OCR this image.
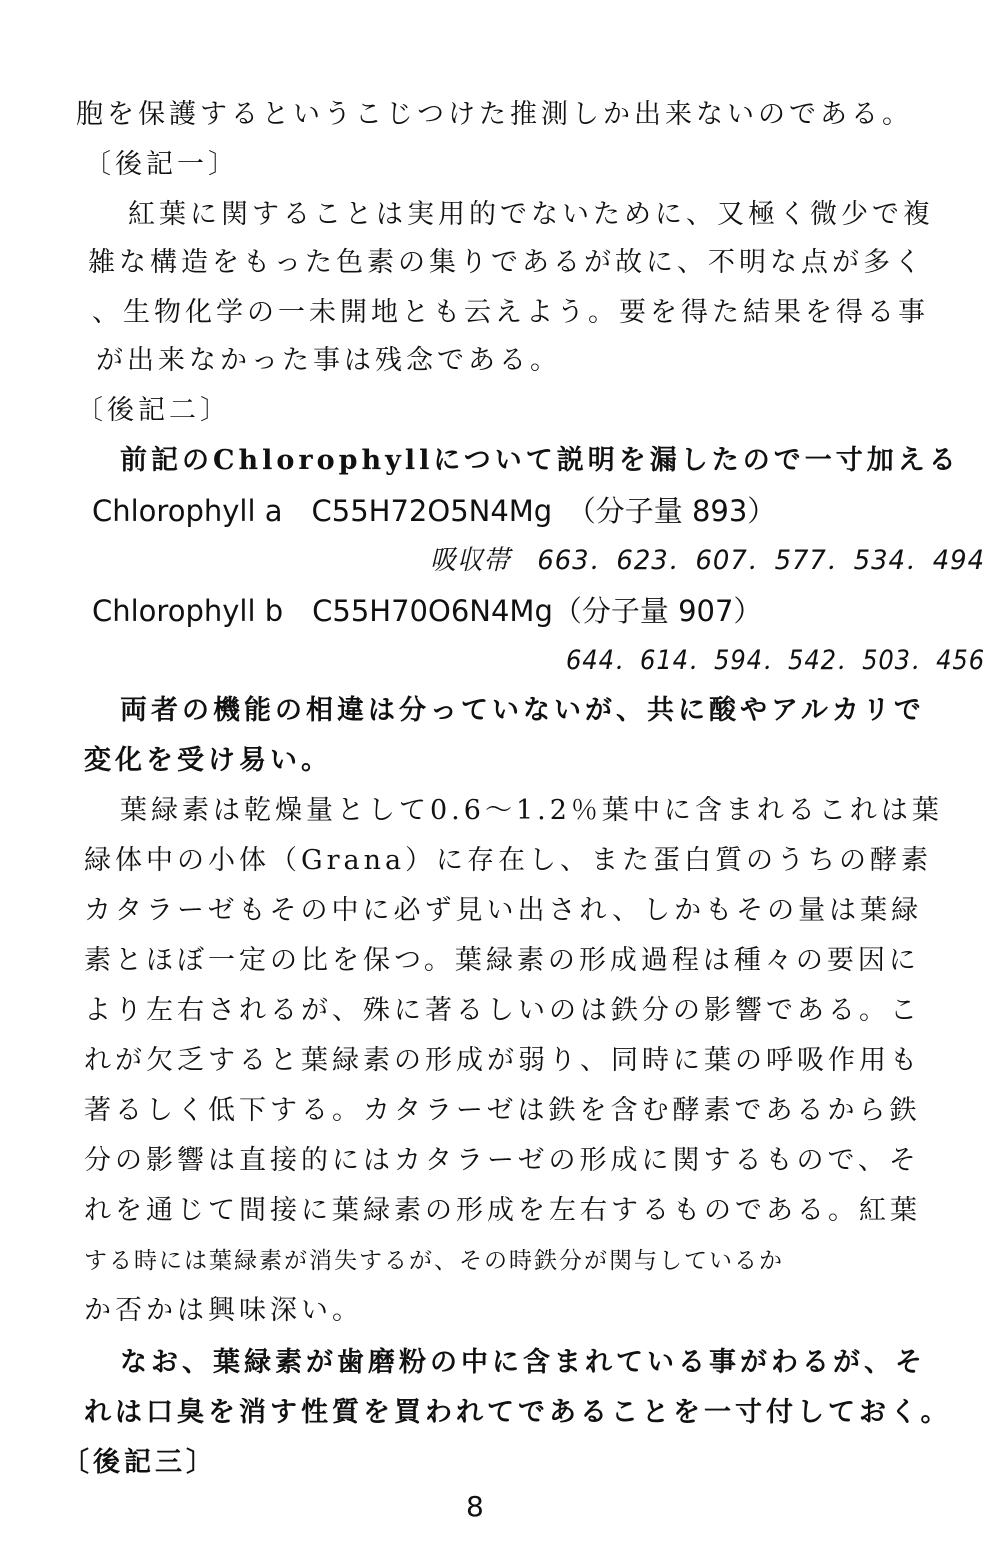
胞を保護するというこじつけた推測しか出来ないのである。
〔後記一〕
紅葉に関することは実用的でないために、又極く微少で複
雑な構造をもった色素の集りであるが故に、不明な点が多く
、生物化学の一未開地とも云えよう。要を得た結果を得る事
が出来なかった事は残念である。
〔後記二〕
前記のChlorophyllについて説明を漏したので一寸加える
Chlorophyll a　C55H72O5N4Mg　（分子量 893）
吸収帯　663．623．607．577．534．494
Chlorophyll b　C55H70O6N4Mg（分子量 907）
644．614．594．542．503．456
両者の機能の相違は分っていないが、共に酸やアルカリで
変化を受け易い。
葉緑素は乾燥量として0.6～1.2％葉中に含まれるこれは葉
緑体中の小体（Grana）に存在し、また蛋白質のうちの酵素
カタラーゼもその中に必ず見い出され、しかもその量は葉緑
素とほぼ一定の比を保つ。葉緑素の形成過程は種々の要因に
より左右されるが、殊に著るしいのは鉄分の影響である。こ
れが欠乏すると葉緑素の形成が弱り、同時に葉の呼吸作用も
著るしく低下する。カタラーゼは鉄を含む酵素であるから鉄
分の影響は直接的にはカタラーゼの形成に関するもので、そ
れを通じて間接に葉緑素の形成を左右するものである。紅葉
する時には葉緑素が消失するが、その時鉄分が関与しているか
か否かは興味深い。
なお、葉緑素が歯磨粉の中に含まれている事がわるが、そ
れは口臭を消す性質を買われてであることを一寸付しておく。
〔後記三〕
8
